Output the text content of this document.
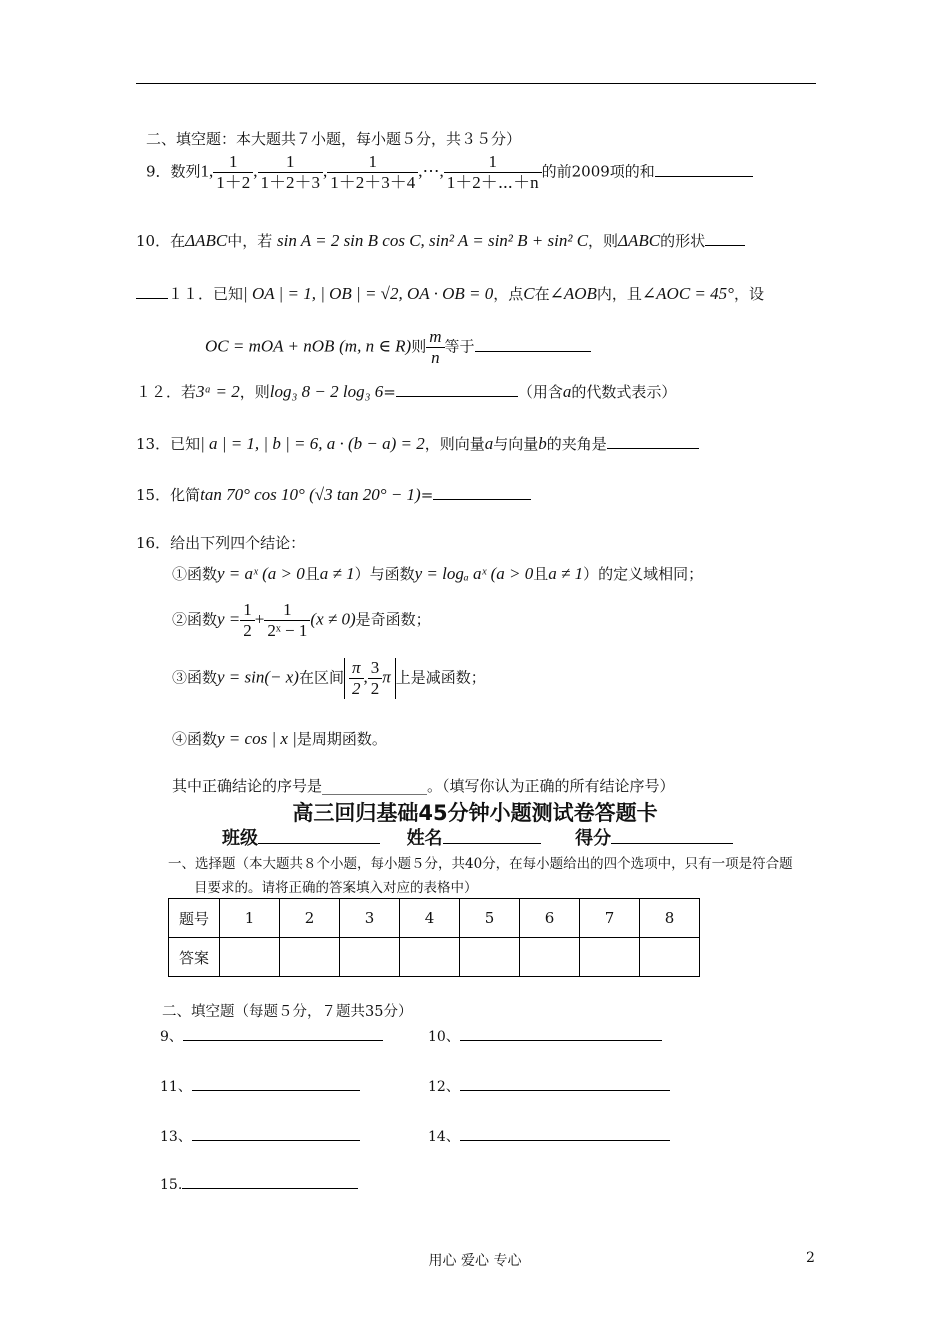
二、填空题：本大题共７小题，每小题５分，共３５分）
9．数列1, $\frac{1}{1+2}$ , $\frac{1}{1+2+3}$ , $\frac{1}{1+2+3+4}$ ,⋯, $\frac{1}{1+2+\cdots+n}$ 的前2009项的和
10．在ΔABC中，若 sin A = 2 sin B cos C, sin² A = sin² B + sin² C，则ΔABC的形状
１１．已知| OA | = 1, | OB | = √2, OA · OB = 0，点C在∠AOB内，且∠AOC = 45°，设
OC = mOA + nOB (m, n ∈ R)则 $\frac{m}{n}$ 等于
１２．若3ᵃ = 2，则log₃ 8 − 2 log₃ 6=	（用含a的代数式表示）
13．已知| a | = 1, | b | = 6, a · (b − a) = 2，则向量a与向量b的夹角是
15．化简tan 70° cos 10° (√3 tan 20° − 1)=
16．给出下列四个结论：
①函数y = aˣ (a > 0且a ≠ 1）与函数y = logₐ aˣ (a > 0且a ≠ 1）的定义域相同；
②函数$y = \frac{1}{2} + \frac{1}{\text{2ˣ − 1}} (x \ne 0)$是奇函数；
③函数y = sin(− x)在区间 $\frac{\pi}{2}$ , $\frac{3}{2}$ π 上是减函数；
④函数y = cos | x |是周期函数。
其中正确结论的序号是______________。（填写你认为正确的所有结论序号）
高三回归基础45分钟小题测试卷答题卡
班级	姓名	得分
一、选择题（本大题共８个小题，每小题５分，共40分，在每小题给出的四个选项中，只有一项是符合题
目要求的。请将正确的答案填入对应的表格中）
题号	1	2	3	4	5	6	7	8
答案								
二、填空题（每题５分，７题共35分）
9、	10、
11、	12、
13、	14、
15.
用心 爱心 专心	2
